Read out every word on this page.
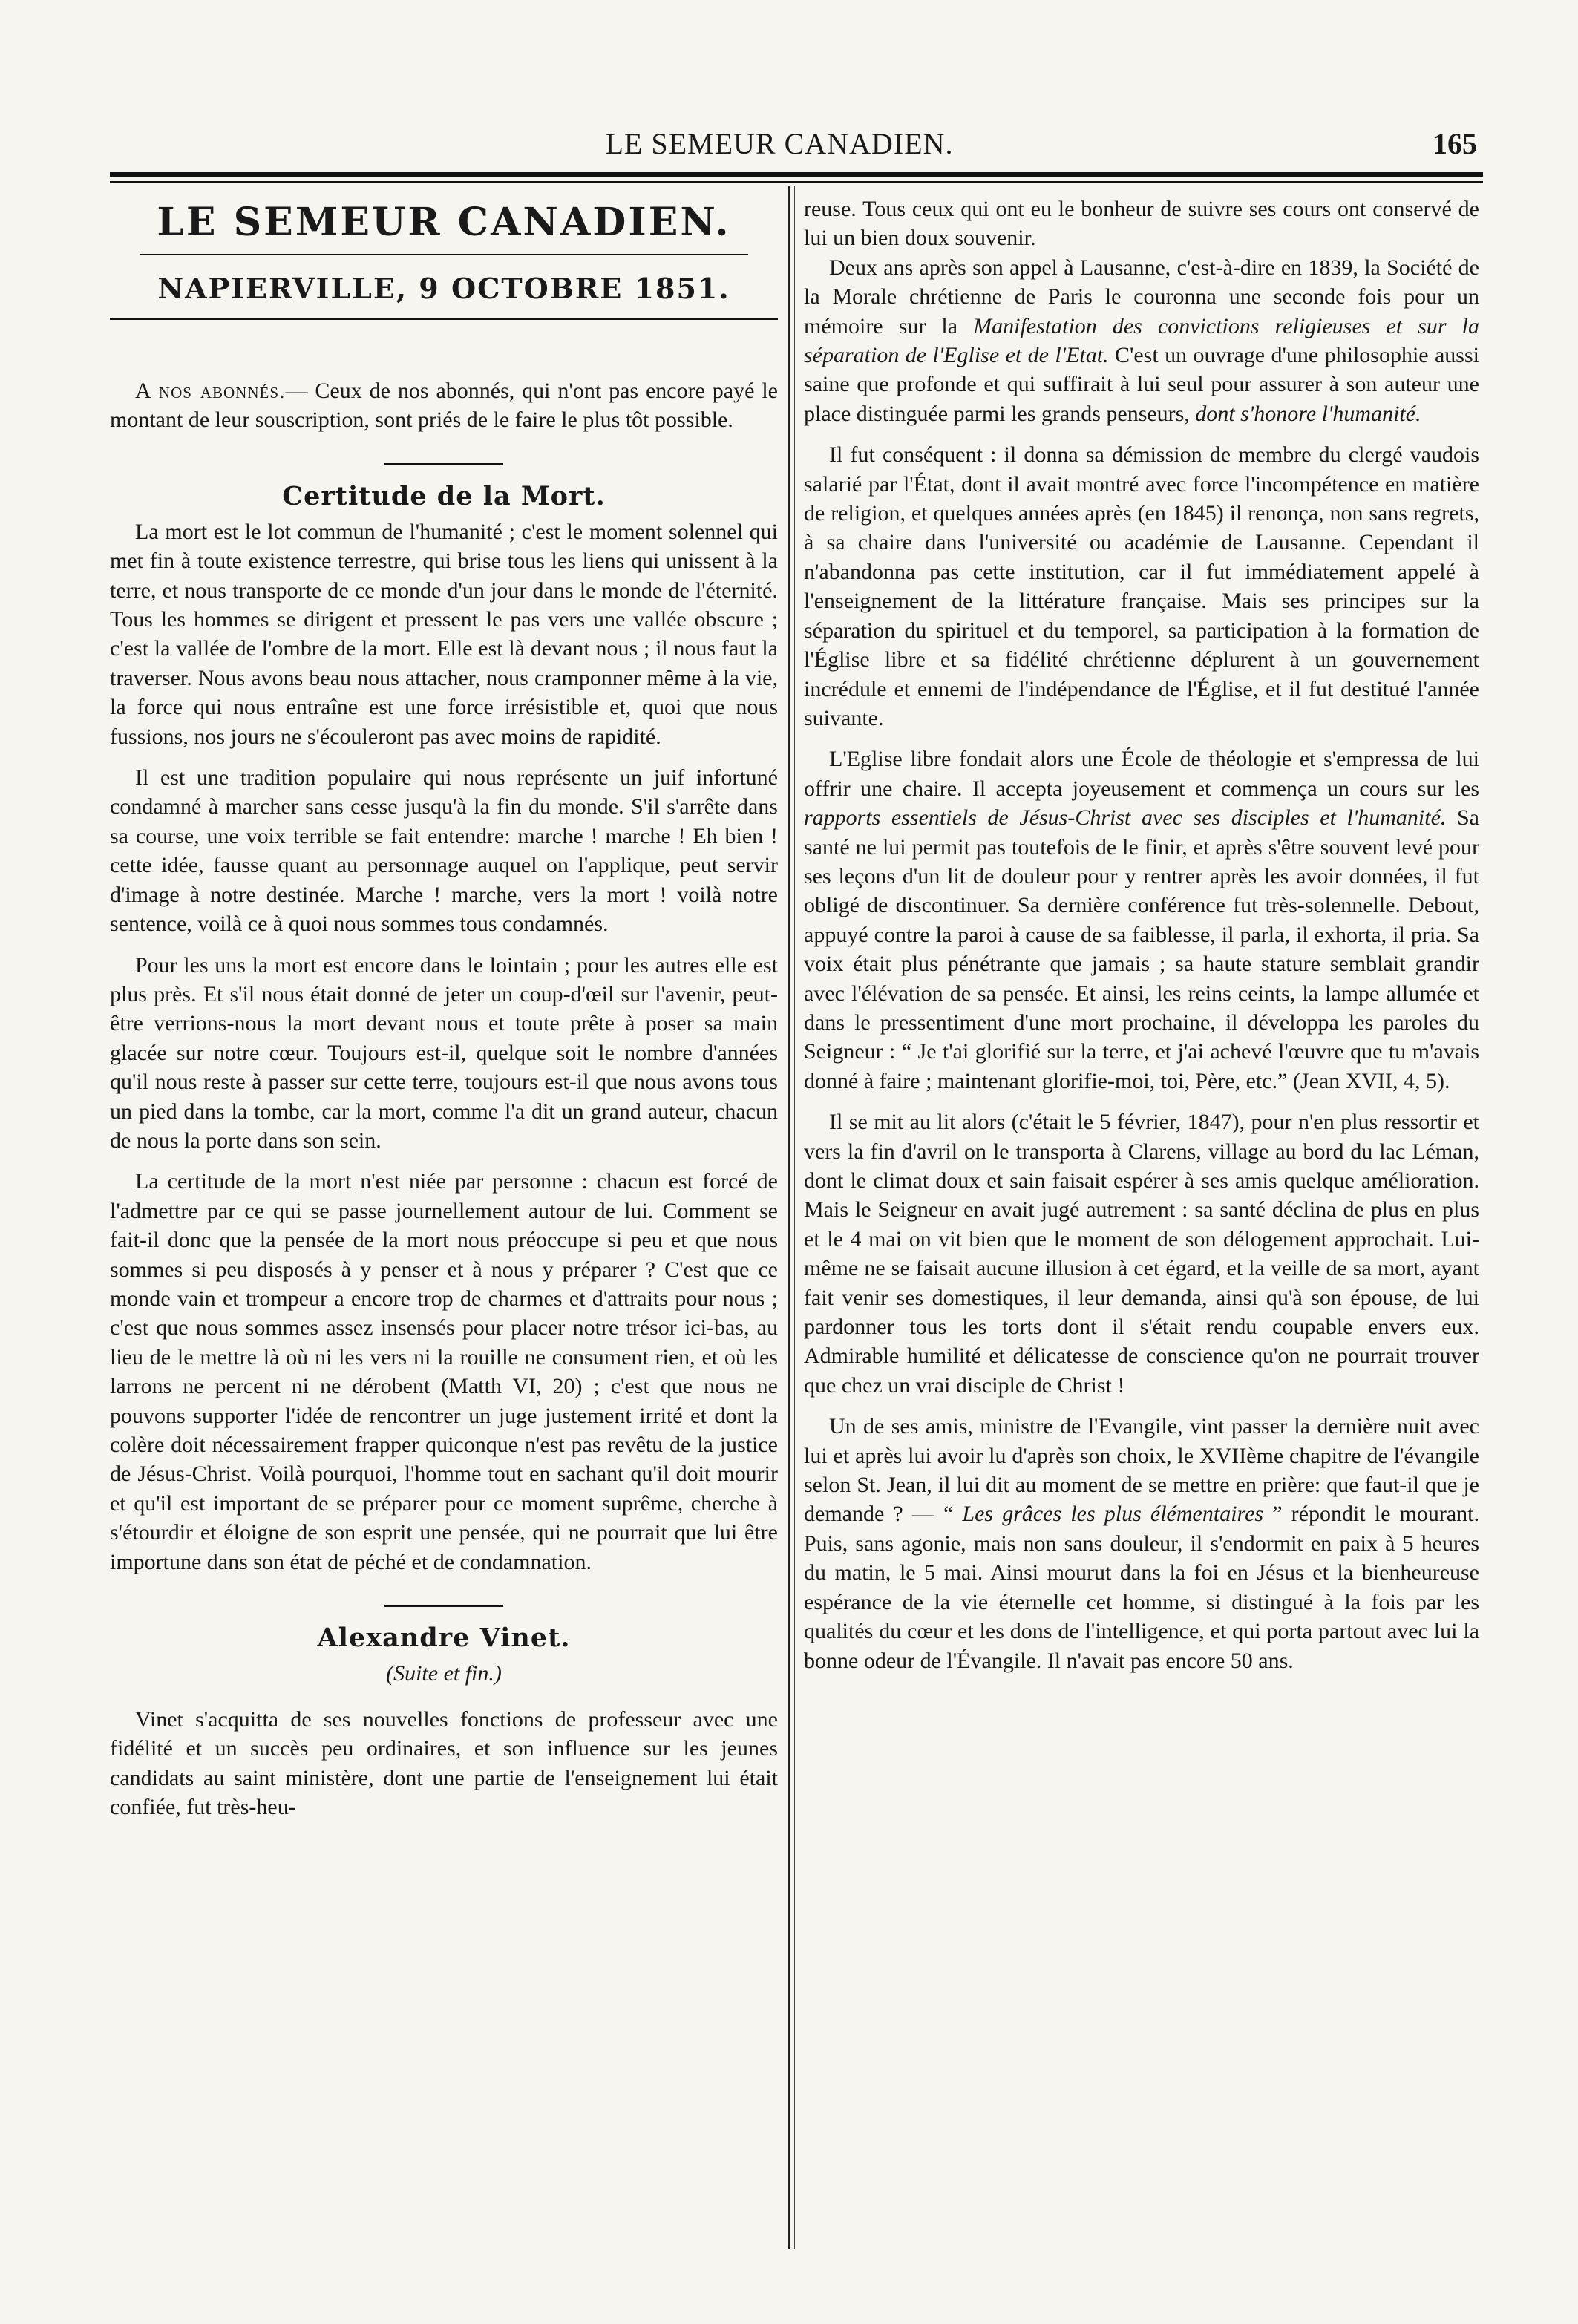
LE SEMEUR CANADIEN.	165
LE SEMEUR CANADIEN.
NAPIERVILLE, 9 OCTOBRE 1851.

A nos abonnés.— Ceux de nos abonnés, qui n'ont pas encore payé le montant de leur souscription, sont priés de le faire le plus tôt possible.

Certitude de la Mort.

La mort est le lot commun de l'humanité ; c'est le moment solennel qui met fin à toute existence terrestre, qui brise tous les liens qui unissent à la terre, et nous transporte de ce monde d'un jour dans le monde de l'éternité. Tous les hommes se dirigent et pressent le pas vers une vallée obscure ; c'est la vallée de l'ombre de la mort. Elle est là devant nous ; il nous faut la traverser. Nous avons beau nous attacher, nous cramponner même à la vie, la force qui nous entraîne est une force irrésistible et, quoi que nous fussions, nos jours ne s'écouleront pas avec moins de rapidité.

Il est une tradition populaire qui nous représente un juif infortuné condamné à marcher sans cesse jusqu'à la fin du monde. S'il s'arrête dans sa course, une voix terrible se fait entendre: marche ! marche ! Eh bien ! cette idée, fausse quant au personnage auquel on l'applique, peut servir d'image à notre destinée. Marche ! marche, vers la mort ! voilà notre sentence, voilà ce à quoi nous sommes tous condamnés.

Pour les uns la mort est encore dans le lointain ; pour les autres elle est plus près. Et s'il nous était donné de jeter un coup-d'œil sur l'avenir, peut-être verrions-nous la mort devant nous et toute prête à poser sa main glacée sur notre cœur. Toujours est-il, quelque soit le nombre d'années qu'il nous reste à passer sur cette terre, toujours est-il que nous avons tous un pied dans la tombe, car la mort, comme l'a dit un grand auteur, chacun de nous la porte dans son sein.

La certitude de la mort n'est niée par personne : chacun est forcé de l'admettre par ce qui se passe journellement autour de lui. Comment se fait-il donc que la pensée de la mort nous préoccupe si peu et que nous sommes si peu disposés à y penser et à nous y préparer ? C'est que ce monde vain et trompeur a encore trop de charmes et d'attraits pour nous ; c'est que nous sommes assez insensés pour placer notre trésor ici-bas, au lieu de le mettre là où ni les vers ni la rouille ne consument rien, et où les larrons ne percent ni ne dérobent (Matth VI, 20) ; c'est que nous ne pouvons supporter l'idée de rencontrer un juge justement irrité et dont la colère doit nécessairement frapper quiconque n'est pas revêtu de la justice de Jésus-Christ. Voilà pourquoi, l'homme tout en sachant qu'il doit mourir et qu'il est important de se préparer pour ce moment suprême, cherche à s'étourdir et éloigne de son esprit une pensée, qui ne pourrait que lui être importune dans son état de péché et de condamnation.

Alexandre Vinet.
(Suite et fin.)

Vinet s'acquitta de ses nouvelles fonctions de professeur avec une fidélité et un succès peu ordinaires, et son influence sur les jeunes candidats au saint ministère, dont une partie de l'enseignement lui était confiée, fut très-heu-

reuse. Tous ceux qui ont eu le bonheur de suivre ses cours ont conservé de lui un bien doux souvenir.

Deux ans après son appel à Lausanne, c'est-à-dire en 1839, la Société de la Morale chrétienne de Paris le couronna une seconde fois pour un mémoire sur la Manifestation des convictions religieuses et sur la séparation de l'Eglise et de l'Etat. C'est un ouvrage d'une philosophie aussi saine que profonde et qui suffirait à lui seul pour assurer à son auteur une place distinguée parmi les grands penseurs, dont s'honore l'humanité.

Il fut conséquent : il donna sa démission de membre du clergé vaudois salarié par l'État, dont il avait montré avec force l'incompétence en matière de religion, et quelques années après (en 1845) il renonça, non sans regrets, à sa chaire dans l'université ou académie de Lausanne. Cependant il n'abandonna pas cette institution, car il fut immédiatement appelé à l'enseignement de la littérature française. Mais ses principes sur la séparation du spirituel et du temporel, sa participation à la formation de l'Église libre et sa fidélité chrétienne déplurent à un gouvernement incrédule et ennemi de l'indépendance de l'Église, et il fut destitué l'année suivante.

L'Eglise libre fondait alors une École de théologie et s'empressa de lui offrir une chaire. Il accepta joyeusement et commença un cours sur les rapports essentiels de Jésus-Christ avec ses disciples et l'humanité. Sa santé ne lui permit pas toutefois de le finir, et après s'être souvent levé pour ses leçons d'un lit de douleur pour y rentrer après les avoir données, il fut obligé de discontinuer. Sa dernière conférence fut très-solennelle. Debout, appuyé contre la paroi à cause de sa faiblesse, il parla, il exhorta, il pria. Sa voix était plus pénétrante que jamais ; sa haute stature semblait grandir avec l'élévation de sa pensée. Et ainsi, les reins ceints, la lampe allumée et dans le pressentiment d'une mort prochaine, il développa les paroles du Seigneur : “ Je t'ai glorifié sur la terre, et j'ai achevé l'œuvre que tu m'avais donné à faire ; maintenant glorifie-moi, toi, Père, etc.” (Jean XVII, 4, 5).

Il se mit au lit alors (c'était le 5 février, 1847), pour n'en plus ressortir et vers la fin d'avril on le transporta à Clarens, village au bord du lac Léman, dont le climat doux et sain faisait espérer à ses amis quelque amélioration. Mais le Seigneur en avait jugé autrement : sa santé déclina de plus en plus et le 4 mai on vit bien que le moment de son délogement approchait. Lui-même ne se faisait aucune illusion à cet égard, et la veille de sa mort, ayant fait venir ses domestiques, il leur demanda, ainsi qu'à son épouse, de lui pardonner tous les torts dont il s'était rendu coupable envers eux. Admirable humilité et délicatesse de conscience qu'on ne pourrait trouver que chez un vrai disciple de Christ !

Un de ses amis, ministre de l'Evangile, vint passer la dernière nuit avec lui et après lui avoir lu d'après son choix, le XVIIème chapitre de l'évangile selon St. Jean, il lui dit au moment de se mettre en prière: que faut-il que je demande ? — “ Les grâces les plus élémentaires ” répondit le mourant. Puis, sans agonie, mais non sans douleur, il s'endormit en paix à 5 heures du matin, le 5 mai. Ainsi mourut dans la foi en Jésus et la bienheureuse espérance de la vie éternelle cet homme, si distingué à la fois par les qualités du cœur et les dons de l'intelligence, et qui porta partout avec lui la bonne odeur de l'Évangile. Il n'avait pas encore 50 ans.
